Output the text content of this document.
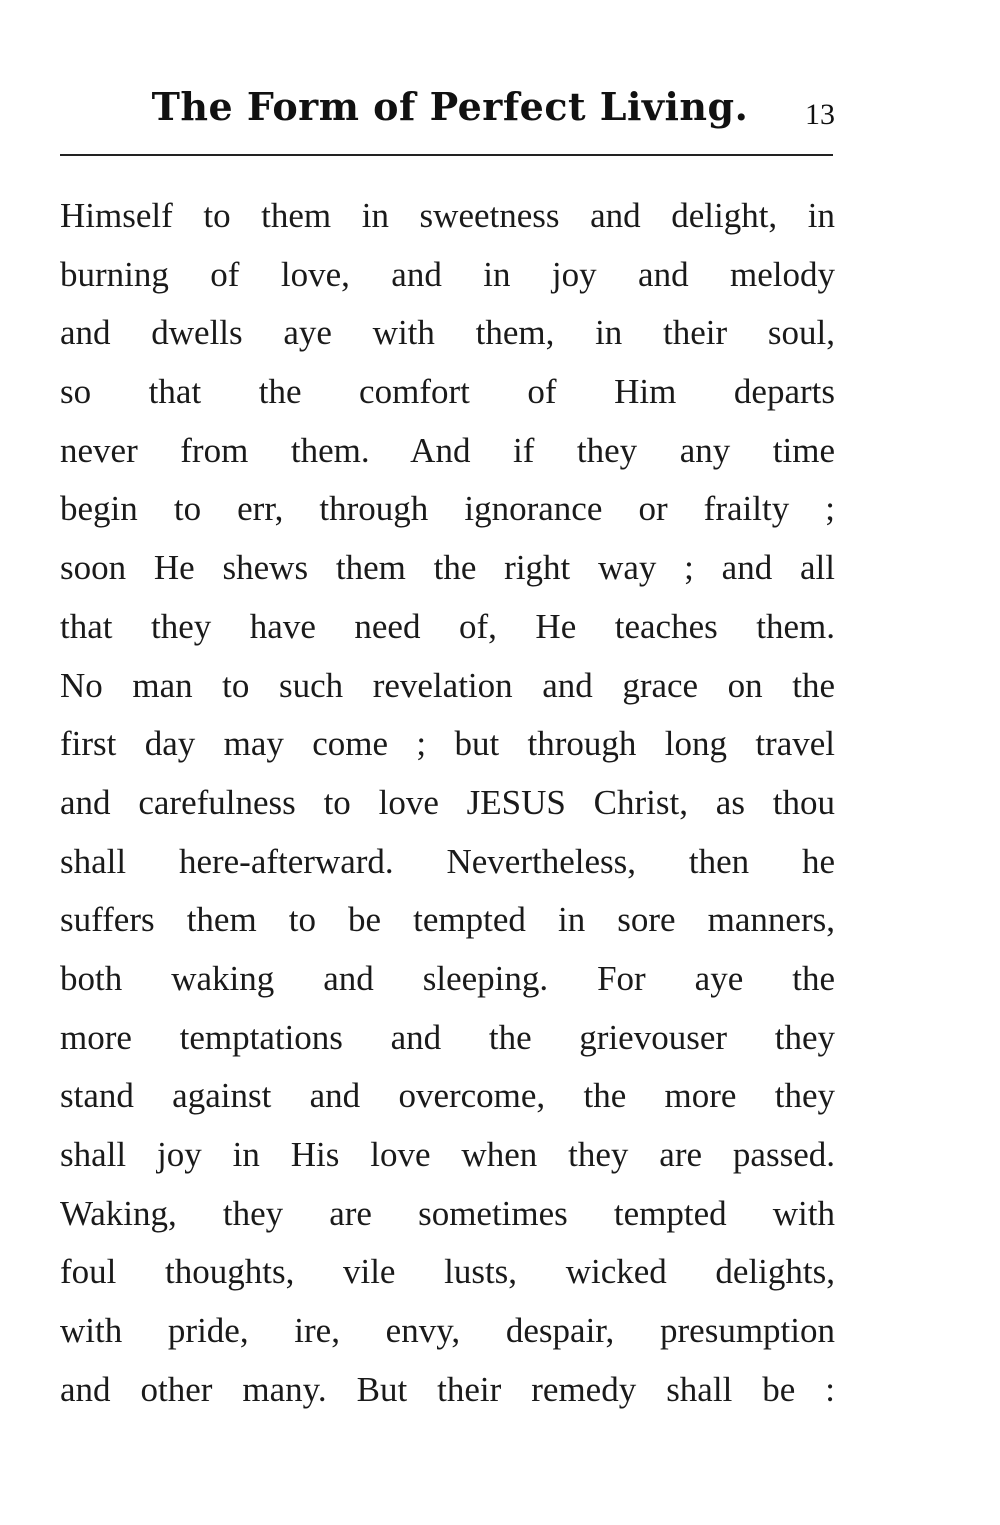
The Form of Perfect Living.	13
Himself to them in sweetness and delight, in
burning of love, and in joy and melody
and dwells aye with them, in their soul,
so that the comfort of Him departs
never from them. And if they any time
begin to err, through ignorance or frailty ;
soon He shews them the right way ; and all
that they have need of, He teaches them.
No man to such revelation and grace on the
first day may come ; but through long travel
and carefulness to love JESUS Christ, as thou
shall here-afterward. Nevertheless, then he
suffers them to be tempted in sore manners,
both waking and sleeping. For aye the
more temptations and the grievouser they
stand against and overcome, the more they
shall joy in His love when they are passed.
Waking, they are sometimes tempted with
foul thoughts, vile lusts, wicked delights,
with pride, ire, envy, despair, presumption
and other many. But their remedy shall be :
